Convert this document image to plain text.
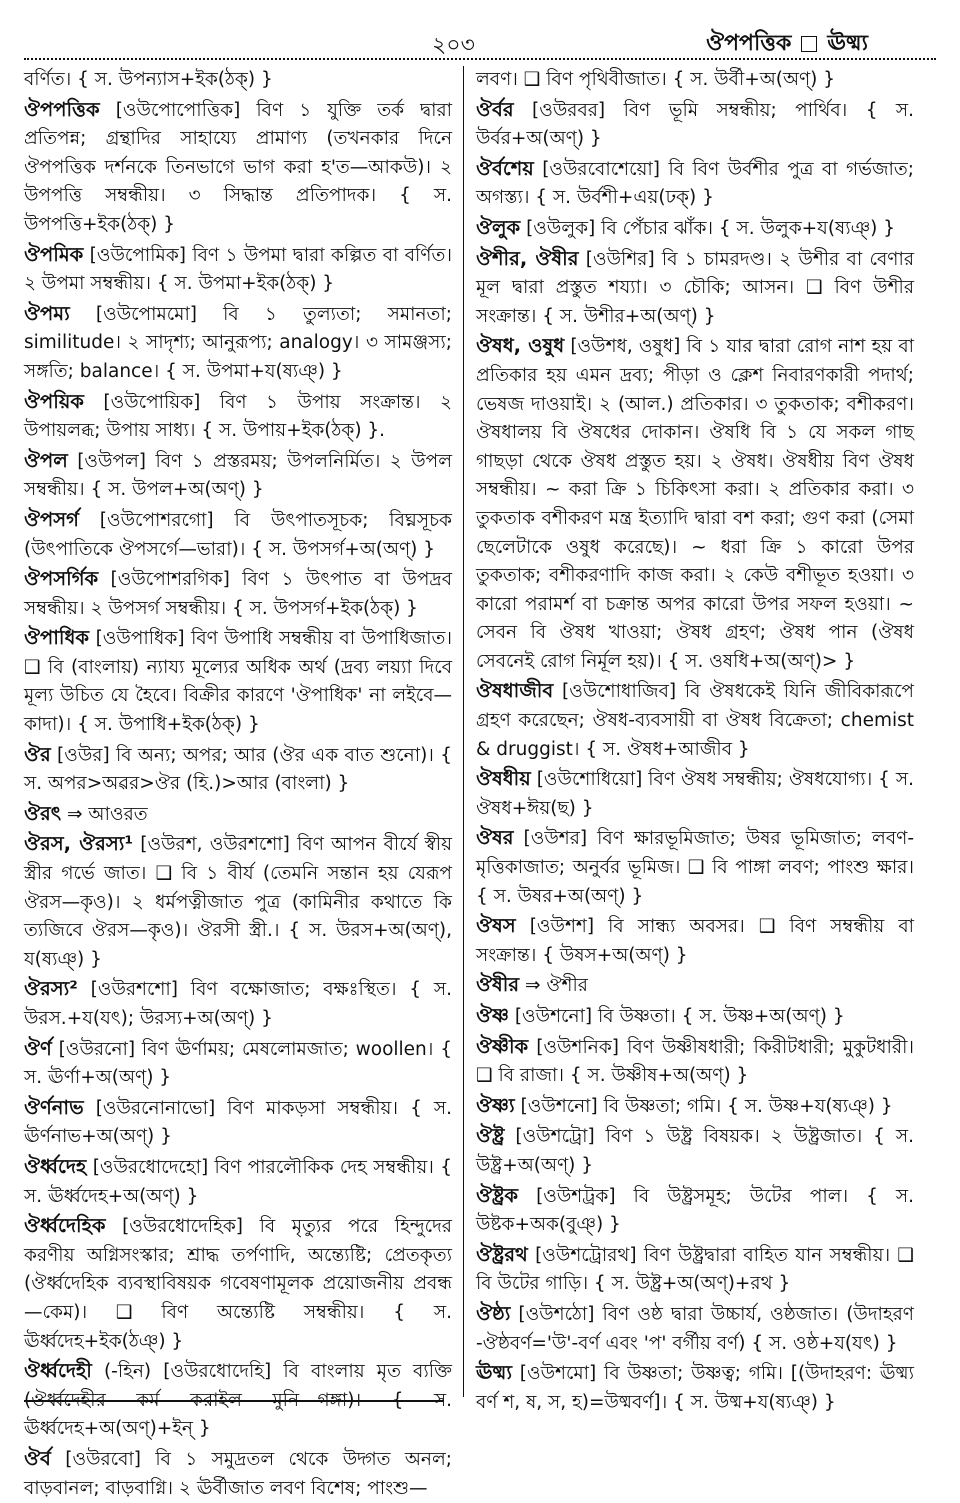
২০৩	ঔপপত্তিক ঊষ্ম্য
বর্ণিত। { স. উপন্যাস+ইক(ঠক্) }
ঔপপত্তিক [ওউপোপোত্তিক] বিণ ১ যুক্তি তর্ক দ্বারা প্রতিপন্ন; গ্রন্থাদির সাহায্যে প্রামাণ্য (তখনকার দিনে ঔপপত্তিক দর্শনকে তিনভাগে ভাগ করা হ'ত—আকউ)। ২ উপপত্তি সম্বন্ধীয়। ৩ সিদ্ধান্ত প্রতিপাদক। { স. উপপত্তি+ইক(ঠক্) }
ঔপমিক [ওউপোমিক] বিণ ১ উপমা দ্বারা কল্পিত বা বর্ণিত। ২ উপমা সম্বন্ধীয়। { স. উপমা+ইক(ঠক্) }
ঔপম্য [ওউপোমমো] বি ১ তুল্যতা; সমানতা; similitude। ২ সাদৃশ্য; আনুরূপ্য; analogy। ৩ সামঞ্জস্য; সঙ্গতি; balance। { স. উপমা+য(ষ্যঞ্) }
ঔপয়িক [ওউপোয়িক] বিণ ১ উপায় সংক্রান্ত। ২ উপায়লব্ধ; উপায় সাধ্য। { স. উপায়+ইক(ঠক্) }.
ঔপল [ওউপল] বিণ ১ প্রস্তরময়; উপলনির্মিত। ২ উপল সম্বন্ধীয়। { স. উপল+অ(অণ্) }
ঔপসর্গ [ওউপোশরগো] বি উৎপাতসূচক; বিঘ্নসূচক (উৎপাতিকে ঔপসর্গে—ভারা)। { স. উপসর্গ+অ(অণ্) }
ঔপসর্গিক [ওউপোশরগিক] বিণ ১ উৎপাত বা উপদ্রব সম্বন্ধীয়। ২ উপসর্গ সম্বন্ধীয়। { স. উপসর্গ+ইক(ঠক্) }
ঔপাধিক [ওউপাধিক] বিণ উপাধি সম্বন্ধীয় বা উপাধিজাত। ❑ বি (বাংলায়) ন্যায্য মূল্যের অধিক অর্থ (দ্রব্য লয়্যা দিবে মূল্য উচিত যে হৈবে। বিক্রীর কারণে 'ঔপাধিক' না লইবে—কাদা)। { স. উপাধি+ইক(ঠক্) }
ঔর [ওউর] বি অন্য; অপর; আর (ঔর এক বাত শুনো)। { স. অপর>অৱর>ঔর (হি.)>আর (বাংলা) }
ঔরৎ ⇒ আওরত
ঔরস, ঔরস্য¹ [ওউরশ, ওউরশশো] বিণ আপন বীর্যে স্বীয় স্ত্রীর গর্ভে জাত। ❑ বি ১ বীর্য (তেমনি সন্তান হয় যেরূপ ঔরস—কৃও)। ২ ধর্মপত্নীজাত পুত্র (কামিনীর কথাতে কি ত্যজিবে ঔরস—কৃও)। ঔরসী স্ত্রী.। { স. উরস+অ(অণ্), য(ষ্যঞ্) }
ঔরস্য² [ওউরশশো] বিণ বক্ষোজাত; বক্ষঃস্থিত। { স. উরস.+য(যৎ); উরস্য+অ(অণ্) }
ঔর্ণ [ওউরনো] বিণ ঊর্ণাময়; মেষলোমজাত; woollen। { স. ঊর্ণা+অ(অণ্) }
ঔর্ণনাভ [ওউরনোনাভো] বিণ মাকড়সা সম্বন্ধীয়। { স. ঊর্ণনাভ+অ(অণ্) }
ঔর্ধ্বদেহ [ওউরধোদেহো] বিণ পারলৌকিক দেহ সম্বন্ধীয়। { স. ঊর্ধ্বদেহ+অ(অণ্) }
ঔর্ধ্বদেহিক [ওউরধোদেহিক] বি মৃত্যুর পরে হিন্দুদের করণীয় অগ্নিসংস্কার; শ্রাদ্ধ তর্পণাদি, অন্ত্যেষ্টি; প্রেতকৃত্য (ঔর্ধ্বদেহিক ব্যবস্থাবিষয়ক গবেষণামূলক প্রয়োজনীয় প্রবন্ধ—কেম)। ❑ বিণ অন্ত্যেষ্টি সম্বন্ধীয়। { স. ঊর্ধ্বদেহ+ইক(ঠঞ্) }
ঔর্ধ্বদেহী (-হিন) [ওউরধোদেহি] বি বাংলায় মৃত ব্যক্তি (ঔর্ধ্বদেহীর কর্ম করাইল মুনি—গঙ্গা)। { স. ঊর্ধ্বদেহ+অ(অণ্)+ইন্ }
ঔর্ব [ওউরবো] বি ১ সমুদ্রতল থেকে উদ্গত অনল; বাড়বানল; বাড়বাগ্নি। ২ ঊর্বীজাত লবণ বিশেষ; পাংশু—
লবণ। ❑ বিণ পৃথিবীজাত। { স. উর্বী+অ(অণ্) }
ঔর্বর [ওউরবর] বিণ ভূমি সম্বন্ধীয়; পার্থিব। { স. উর্বর+অ(অণ্) }
ঔর্বশেয় [ওউরবোশেয়ো] বি বিণ উর্বশীর পুত্র বা গর্ভজাত; অগস্ত্য। { স. উর্বশী+এয়(ঢক্) }
ঔলুক [ওউলুক] বি পেঁচার ঝাঁক। { স. উলুক+য(ষ্যঞ্) }
ঔশীর, ঔষীর [ওউশির] বি ১ চামরদণ্ড। ২ উশীর বা বেণার মূল দ্বারা প্রস্তুত শয্যা। ৩ চৌকি; আসন। ❑ বিণ উশীর সংক্রান্ত। { স. উশীর+অ(অণ্) }
ঔষধ, ওষুধ [ওউশধ, ওষুধ] বি ১ যার দ্বারা রোগ নাশ হয় বা প্রতিকার হয় এমন দ্রব্য; পীড়া ও ক্লেশ নিবারণকারী পদার্থ; ভেষজ দাওয়াই। ২ (আল.) প্রতিকার। ৩ তুকতাক; বশীকরণ। ঔষধালয় বি ঔষধের দোকান। ঔষধি বি ১ যে সকল গাছ গাছড়া থেকে ঔষধ প্রস্তুত হয়। ২ ঔষধ। ঔষধীয় বিণ ঔষধ সম্বন্ধীয়। ~ করা ক্রি ১ চিকিৎসা করা। ২ প্রতিকার করা। ৩ তুকতাক বশীকরণ মন্ত্র ইত্যাদি দ্বারা বশ করা; গুণ করা (সেমা ছেলেটাকে ওষুধ করেছে)। ~ ধরা ক্রি ১ কারো উপর তুকতাক; বশীকরণাদি কাজ করা। ২ কেউ বশীভূত হওয়া। ৩ কারো পরামর্শ বা চক্রান্ত অপর কারো উপর সফল হওয়া। ~ সেবন বি ঔষধ খাওয়া; ঔষধ গ্রহণ; ঔষধ পান (ঔষধ সেবনেই রোগ নির্মূল হয়)। { স. ওষধি+অ(অণ্)> }
ঔষধাজীব [ওউশোধাজিব] বি ঔষধকেই যিনি জীবিকারূপে গ্রহণ করেছেন; ঔষধ-ব্যবসায়ী বা ঔষধ বিক্রেতা; chemist & druggist। { স. ঔষধ+আজীব }
ঔষধীয় [ওউশোধিয়ো] বিণ ঔষধ সম্বন্ধীয়; ঔষধযোগ্য। { স. ঔষধ+ঈয়(ছ) }
ঔষর [ওউশর] বিণ ক্ষারভূমিজাত; উষর ভূমিজাত; লবণ-মৃত্তিকাজাত; অনুর্বর ভূমিজ। ❑ বি পাঙ্গা লবণ; পাংশু ক্ষার। { স. উষর+অ(অণ্) }
ঔষস [ওউশশ] বি সান্ধ্য অবসর। ❑ বিণ সম্বন্ধীয় বা সংক্রান্ত। { উষস+অ(অণ্) }
ঔষীর ⇒ ঔশীর
ঔষ্ণ [ওউশনো] বি উষ্ণতা। { স. উষ্ণ+অ(অণ্) }
ঔষ্ণীক [ওউশনিক] বিণ উষ্ণীষধারী; কিরীটধারী; মুকুটধারী। ❑ বি রাজা। { স. উষ্ণীষ+অ(অণ্) }
ঔষ্ণ্য [ওউশনো] বি উষ্ণতা; গমি। { স. উষ্ণ+য(ষ্যঞ্) }
ঔষ্ট্র [ওউশট্রো] বিণ ১ উষ্ট্র বিষয়ক। ২ উষ্ট্রজাত। { স. উষ্ট্র+অ(অণ্) }
ঔষ্ট্রক [ওউশট্রক] বি উষ্ট্রসমূহ; উটের পাল। { স. উষ্টক+অক(বুঞ্) }
ঔষ্ট্ররথ [ওউশট্রোরথ] বিণ উষ্ট্রদ্বারা বাহিত যান সম্বন্ধীয়। ❑ বি উটের গাড়ি। { স. উষ্ট্র+অ(অণ্)+রথ }
ঔষ্ঠ্য [ওউশঠো] বিণ ওষ্ঠ দ্বারা উচ্চার্য, ওষ্ঠজাত। (উদাহরণ -ঔষ্ঠবর্ণ='উ'-বর্ণ এবং 'প' বর্গীয় বর্ণ) { স. ওষ্ঠ+য(যৎ) }
ঊষ্ম্য [ওউশমো] বি উষ্ণতা; উষ্ণত্ব; গমি। [(উদাহরণ: ঊষ্ম্য বর্ণ শ, ষ, স, হ)=উষ্মবর্ণ]। { স. উষ্ম+য(ষ্যঞ্) }
